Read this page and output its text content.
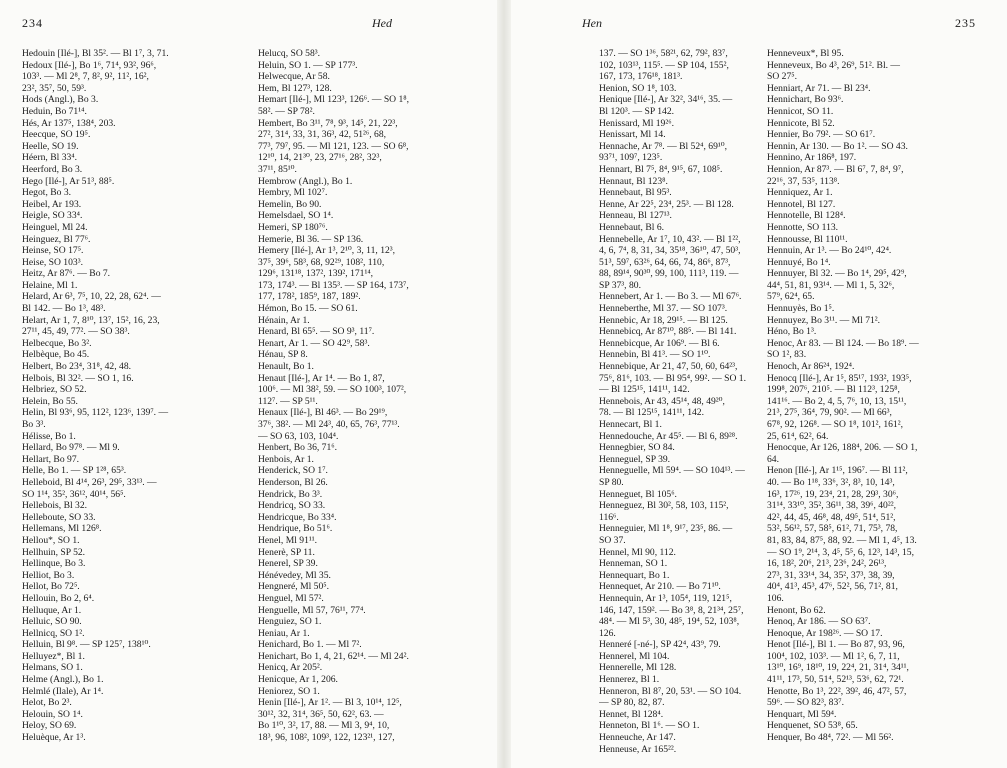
234	Hed
Hedouin [Ilé-], Bl 35². — Bl 1⁷, 3, 71.
Hedoux [Ilé-], Bo 1⁶, 71⁴, 93², 96⁶,
103³. — Ml 2⁸, 7, 8², 9², 11², 16²,
23², 35⁷, 50, 59³.
Hods (Angl.), Bo 3.
Heduin, Bo 71¹⁴.
Hés, Ar 137⁵, 138⁴, 203.
Heecque, SO 19⁵.
Heelle, SO 19.
Héern, Bl 33⁴.
Heerford, Bo 3.
Hego [Ilé-], Ar 51³, 88⁵.
Hegot, Bo 3.
Heibel, Ar 193.
Heigle, SO 33⁴.
Heinguel, Ml 24.
Heinguez, Bl 77⁶.
Heinse, SO 17⁵.
Heise, SO 103³.
Heitz, Ar 87⁶. — Bo 7.
Helaine, Ml 1.
Helard, Ar 6³, 7⁵, 10, 22, 28, 62⁴. —
Bl 142. — Bo 1³, 48³.
Helart, Ar 1, 7, 8¹⁰, 13⁷, 15², 16, 23,
27¹¹, 45, 49, 77². — SO 38³.
Helbecque, Bo 3².
Helbèque, Bo 45.
Helbert, Bo 23⁴, 31⁸, 42, 48.
Helbois, Bl 32². — SO 1, 16.
Helbriez, SO 52.
Helein, Bo 55.
Helin, Bl 93⁶, 95, 112², 123⁶, 139⁷. —
Bo 3³.
Hélisse, Bo 1.
Hellard, Bo 97⁸. — Ml 9.
Hellart, Bo 97.
Helle, Bo 1. — SP 1²⁸, 65³.
Helleboid, Bl 4¹⁴, 26³, 29⁵, 33¹³. —
SO 1¹⁴, 35², 36¹², 40¹⁴, 56⁵.
Hellebois, Bl 32.
Helleboute, SO 33.
Hellemans, Ml 126⁸.
Hellou*, SO 1.
Hellhuin, SP 52.
Hellinque, Bo 3.
Helliot, Bo 3.
Hellot, Bo 72⁵.
Hellouin, Bo 2, 6⁴.
Helluque, Ar 1.
Helluic, SO 90.
Hellnicq, SO 1².
Helluin, Bl 9⁸. — SP 125⁷, 138¹⁰.
Helluyez*, Bl 1.
Helmans, SO 1.
Helme (Angl.), Bo 1.
Helmlé (Ilale), Ar 1⁴.
Helot, Bo 2³.
Helouin, SO 1⁴.
Heloy, SO 69.
Heluèque, Ar 1³.
Helucq, SO 58³.
Heluin, SO 1. — SP 177³.
Helwecque, Ar 58.
Hem, Bl 127³, 128.
Hemart [Ilé-], Ml 123³, 126⁶. — SO 1⁸,
58². — SP 78².
Hembert, Bo 3¹¹, 7⁸, 9³, 14⁵, 21, 22³,
27², 31⁴, 33, 31, 36³, 42, 51²⁶, 68,
77³, 79⁷, 95. — Ml 121, 123. — SO 6⁸,
12¹⁰, 14, 21³⁰, 23, 27¹⁶, 28², 32³,
37¹¹, 85¹⁰.
Hembrow (Angl.), Bo 1.
Hembry, Ml 102⁷.
Hemelin, Bo 90.
Hemelsdael, SO 1⁴.
Hemeri, SP 180⁷⁶.
Hemerie, Bl 36. — SP 136.
Hemery [Ilé-], Ar 1³, 2¹⁰, 3, 11, 12³,
37⁵, 39⁶, 58³, 68, 92²⁹, 108², 110,
129⁶, 131¹⁸, 137², 139², 171¹⁴,
173, 174³. — Bl 135³. — SP 164, 173⁷,
177, 178², 185⁹, 187, 189².
Hémon, Bo 15. — SO 61.
Hénain, Ar 1.
Henard, Bl 65⁵. — SO 9³, 11⁷.
Henart, Ar 1. — SO 42⁹, 58³.
Hénau, SP 8.
Henault, Bo 1.
Henaut [Ilé-], Ar 1⁴. — Bo 1, 87,
100⁶. — Ml 38², 59. — SO 100³, 107²,
112⁷. — SP 5¹¹.
Henaux [Ilé-], Bl 46³. — Bo 29¹⁹,
37⁶, 38². — Ml 24³, 40, 65, 76³, 77¹³.
— SO 63, 103, 104⁴.
Henbert, Bo 36, 71⁶.
Henbois, Ar 1.
Henderick, SO 1⁷.
Henderson, Bl 26.
Hendrick, Bo 3³.
Hendricq, SO 33.
Hendricque, Bo 33⁴.
Hendrique, Bo 51⁶.
Henel, Ml 91¹¹.
Henerè, SP 11.
Henerel, SP 39.
Hénévedey, Ml 35.
Hengneré, Ml 50⁵.
Henguel, Ml 57².
Henguelle, Ml 57, 76¹¹, 77⁴.
Henguiez, SO 1.
Heniau, Ar 1.
Henichard, Bo 1. — Ml 7².
Henichart, Bo 1, 4, 21, 62¹⁴. — Ml 24².
Henicq, Ar 205².
Henicque, Ar 1, 206.
Heniorez, SO 1.
Henin [Ilé-], Ar 1². — Bl 3, 10¹⁴, 12⁵,
30¹², 32, 31⁴, 36⁵, 50, 62², 63. —
Bo 1¹⁰, 3², 17, 88. — Ml 3, 9⁴, 10,
18³, 96, 108², 109³, 122, 123²¹, 127,
Hen	235
137. — SO 1³⁶, 58²¹, 62, 79², 83⁷,
102, 103¹³, 115⁵. — SP 104, 155²,
167, 173, 176¹⁸, 181³.
Henion, SO 1⁸, 103.
Henique [Ilé-], Ar 32², 34¹⁶, 35. —
Bl 120³. — SP 142.
Henissard, Ml 19²⁶.
Henissart, Ml 14.
Hennache, Ar 7⁸. — Bl 52⁴, 69¹⁰,
93⁷¹, 109⁷, 123⁵.
Hennart, Bl 7⁵, 8⁴, 9¹⁵, 67, 108⁵.
Hennaut, Bl 123⁸.
Hennebaut, Bl 95³.
Henne, Ar 22⁵, 23⁴, 25³. — Bl 128.
Henneau, Bl 127¹³.
Hennebaut, Bl 6.
Hennebelle, Ar 1⁷, 10, 43². — Bl 1²²,
4, 6, 7⁴, 8, 31, 34, 35¹⁸, 36¹⁰, 47, 50³,
51³, 59⁷, 63²⁶, 64, 66, 74, 86⁶, 87³,
88, 89¹⁴, 90³⁰, 99, 100, 111³, 119. —
SP 37³, 80.
Hennebert, Ar 1. — Bo 3. — Ml 67⁶.
Henneberthe, Ml 37. — SO 107³.
Hennebic, Ar 18, 29¹⁵. — Bl 125.
Hennebicq, Ar 87¹⁰, 88⁵. — Bl 141.
Hennebicque, Ar 106⁹. — Bl 6.
Hennebin, Bl 41³. — SO 1¹⁰.
Hennebique, Ar 21, 47, 50, 60, 64²³,
75⁶, 81⁶, 103. — Bl 95⁴, 99². — SO 1.
— Bl 125¹⁵, 141¹¹, 142.
Hennebois, Ar 43, 45¹⁴, 48, 49²⁰,
78. — Bl 125¹⁵, 141¹¹, 142.
Hennecart, Bl 1.
Hennedouche, Ar 45⁵. — Bl 6, 89²⁸.
Hennegbier, SO 84.
Henneguel, SP 39.
Henneguelle, Ml 59⁴. — SO 104¹³. —
SP 80.
Henneguet, Bl 105⁶.
Henneguez, Bl 30², 58, 103, 115²,
116⁶.
Henneguier, Ml 1⁸, 9¹⁷, 23⁵, 86. —
SO 37.
Hennel, Ml 90, 112.
Henneman, SO 1.
Hennequart, Bo 1.
Hennequet, Ar 210. — Bo 71¹⁰.
Hennequin, Ar 1³, 105⁴, 119, 121⁵,
146, 147, 159². — Bo 3⁸, 8, 21³⁴, 25⁷,
48⁴. — Ml 5³, 30, 48⁵, 19⁴, 52, 103⁸,
126.
Henneré [-né-], SP 42⁴, 43⁹, 79.
Hennerel, Ml 104.
Hennerelle, Ml 128.
Hennerez, Bl 1.
Henneron, Bl 8⁷, 20, 53¹. — SO 104.
— SP 80, 82, 87.
Hennet, Bl 128⁴.
Henneton, Bl 1⁶. — SO 1.
Henneuche, Ar 147.
Henneuse, Ar 165²².
Henneveux*, Bl 95.
Henneveux, Bo 4³, 26⁹, 51². Bl. —
SO 27⁵.
Henniart, Ar 71. — Bl 23⁴.
Hennichart, Bo 93⁶.
Hennicot, SO 11.
Hennicote, Bl 52.
Hennier, Bo 79². — SO 61⁷.
Hennin, Ar 130. — Bo 1². — SO 43.
Hennino, Ar 186⁸, 197.
Hennion, Ar 87³. — Bl 6⁷, 7, 8⁴, 9⁷,
22¹⁶, 37, 53⁵, 113⁸.
Henniquez, Ar 1.
Hennotel, Bl 127.
Hennotelle, Bl 128⁴.
Hennotte, SO 113.
Hennousse, Bl 110¹¹.
Hennuin, Ar 1³. — Bo 24¹⁰, 42⁴.
Hennuyé, Bo 1⁴.
Hennuyer, Bl 32. — Bo 1⁴, 29⁵, 42⁹,
44⁴, 51, 81, 93¹⁴. — Ml 1, 5, 32⁶,
57⁹, 62⁴, 65.
Hennuyès, Bo 1⁵.
Hennuyez, Bo 3¹¹. — Ml 71².
Héno, Bo 1³.
Henoc, Ar 83. — Bl 124. — Bo 18⁹. —
SO 1², 83.
Henoch, Ar 86²⁴, 192⁴.
Henocq [Ilé-], Ar 1⁵, 85¹⁷, 193², 193⁵,
199⁸, 207⁶, 210⁵. — Bl 112³, 125⁸,
141¹⁶. — Bo 2, 4, 5, 7⁶, 10, 13, 15¹¹,
21³, 27⁵, 36⁴, 79, 90². — Ml 66³,
67⁸, 92, 126⁸. — SO 1⁸, 101², 161²,
25, 61⁴, 62², 64.
Henocque, Ar 126, 188⁴, 206. — SO 1,
64.
Henon [Ilé-], Ar 1¹⁵, 196⁷. — Bl 11²,
40. — Bo 1¹⁸, 33⁶, 3², 8³, 10, 14³,
16³, 17²⁶, 19, 23⁴, 21, 28, 29³, 30⁶,
31¹⁴, 33¹⁰, 35², 36¹¹, 38, 39⁶, 40²²,
42², 44, 45, 46⁸, 48, 49⁵, 51⁴, 51²,
53², 56¹², 57, 58⁵, 61², 71, 75³, 78,
81, 83, 84, 87⁵, 88, 92. — Ml 1, 4⁵, 13.
— SO 1⁹, 2¹⁴, 3, 4⁵, 5⁵, 6, 12³, 14³, 15,
16, 18², 20⁶, 21³, 23⁶, 24², 26¹³,
27³, 31, 33¹⁴, 34, 35², 37³, 38, 39,
40⁴, 41³, 45³, 47⁶, 52², 56, 71², 81,
106.
Henont, Bo 62.
Henoq, Ar 186. — SO 63⁷.
Henoque, Ar 198²⁶. — SO 17.
Henot [Ilé-], Bl 1. — Bo 87, 93, 96,
100⁴, 102, 103³. — Ml 1², 6, 7, 11,
13¹⁰, 16⁹, 18¹⁰, 19, 22⁴, 21, 31⁴, 34¹¹,
41¹¹, 17³, 50, 51⁴, 52¹³, 53⁶, 62, 72¹.
Henotte, Bo 1³, 22², 39², 46, 47², 57,
59⁶. — SO 82³, 83⁷.
Henquart, Ml 59⁴.
Henquenet, SO 53⁸, 65.
Henquer, Bo 48⁴, 72². — Ml 56².
